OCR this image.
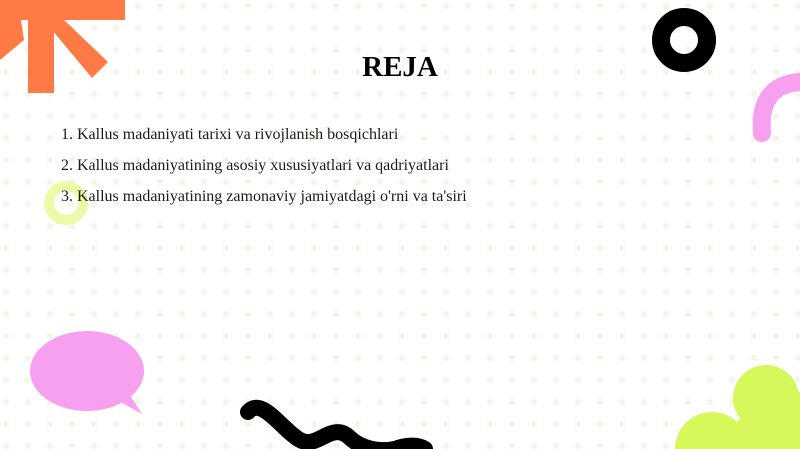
REJA
1. Kallus madaniyati tarixi va rivojlanish bosqichlari
2. Kallus madaniyatining asosiy xususiyatlari va qadriyatlari
3. Kallus madaniyatining zamonaviy jamiyatdagi o'rni va ta'siri
